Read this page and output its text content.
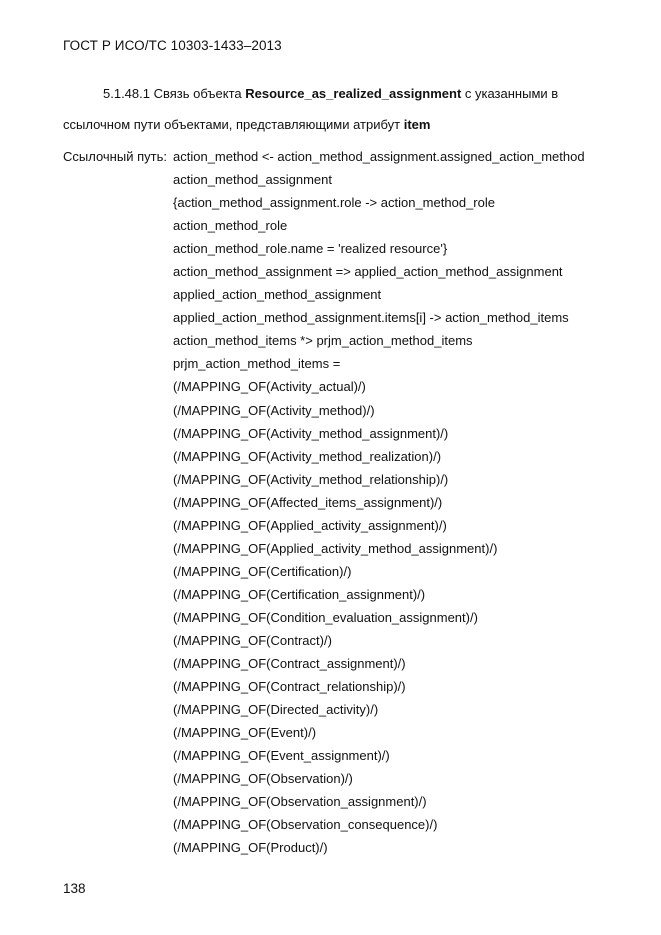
ГОСТ Р ИСО/ТС 10303-1433–2013
5.1.48.1 Связь объекта Resource_as_realized_assignment с указанными в
ссылочном пути объектами, представляющими атрибут item
Ссылочный путь: action_method <- action_method_assignment.assigned_action_method
action_method_assignment
{action_method_assignment.role -> action_method_role
action_method_role
action_method_role.name = 'realized resource'}
action_method_assignment => applied_action_method_assignment
applied_action_method_assignment
applied_action_method_assignment.items[i] -> action_method_items
action_method_items *> prjm_action_method_items
prjm_action_method_items =
(/MAPPING_OF(Activity_actual)/)
(/MAPPING_OF(Activity_method)/)
(/MAPPING_OF(Activity_method_assignment)/)
(/MAPPING_OF(Activity_method_realization)/)
(/MAPPING_OF(Activity_method_relationship)/)
(/MAPPING_OF(Affected_items_assignment)/)
(/MAPPING_OF(Applied_activity_assignment)/)
(/MAPPING_OF(Applied_activity_method_assignment)/)
(/MAPPING_OF(Certification)/)
(/MAPPING_OF(Certification_assignment)/)
(/MAPPING_OF(Condition_evaluation_assignment)/)
(/MAPPING_OF(Contract)/)
(/MAPPING_OF(Contract_assignment)/)
(/MAPPING_OF(Contract_relationship)/)
(/MAPPING_OF(Directed_activity)/)
(/MAPPING_OF(Event)/)
(/MAPPING_OF(Event_assignment)/)
(/MAPPING_OF(Observation)/)
(/MAPPING_OF(Observation_assignment)/)
(/MAPPING_OF(Observation_consequence)/)
(/MAPPING_OF(Product)/)
138
